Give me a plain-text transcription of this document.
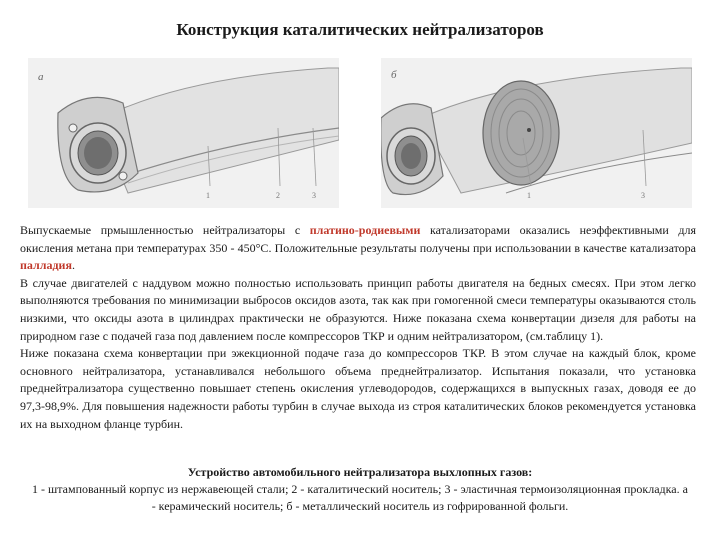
Конструкция каталитических нейтрализаторов
а
1	2	3
б
1	3

Выпускаемые прмышленностью нейтрализаторы с платино-родиевыми катализаторами оказались неэффективными для окисления метана при температурах 350 - 450°С. Положительные результаты получены при использовании в качестве катализатора палладия.

В случае двигателей с наддувом можно полностью использовать принцип работы двигателя на бедных смесях. При этом легко выполняются требования по минимизации выбросов оксидов азота, так как при гомогенной смеси температуры оказываются столь низкими, что оксиды азота в цилиндрах практически не образуются. Ниже показана схема конвертации дизеля для работы на природном газе с подачей газа под давлением после компрессоров ТКР и одним нейтрализатором, (см.таблицу 1).

Ниже показана схема конвертации при эжекционной подаче газа до компрессоров ТКР. В этом случае на каждый блок, кроме основного нейтрализатора, устанавливался небольшого объема преднейтрализатор. Испытания показали, что установка преднейтрализатора существенно повышает степень окисления углеводородов, содержащихся в выпускных газах, доводя ее до 97,3-98,9%. Для повышения надежности работы турбин в случае выхода из строя каталитических блоков рекомендуется установка их на выходном фланце турбин.

Устройство автомобильного нейтрализатора выхлопных газов:

1 - штампованный корпус из нержавеющей стали; 2 - каталитический носитель; 3 - эластичная термоизоляционная прокладка. а - керамический носитель; б - металлический носитель из гофрированной фольги.
